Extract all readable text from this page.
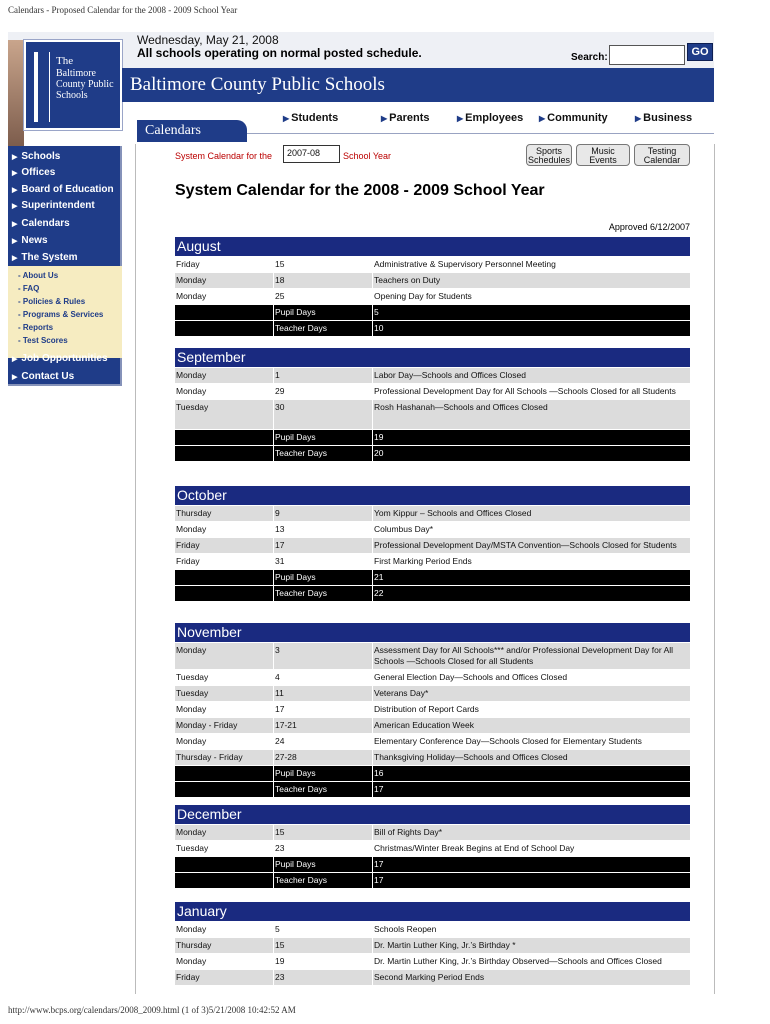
Calendars - Proposed Calendar for the 2008 - 2009 School Year
The
Baltimore County Public Schools
Wednesday, May 21, 2008
All schools operating on normal posted schedule.	Search:	GO
Baltimore County Public Schools
▶ Students	▶ Parents	▶ Employees ▶ Community	▶ Business
Calendars
▶ Schools
▶ Offices
▶ Board of Education
▶ Superintendent
▶ Calendars
▶ News
▶ The System
- About Us
- FAQ
- Policies & Rules
- Programs & Services
- Reports
- Test Scores
▶ Job Opportunities
▶ Contact Us
Sports
Schedules
Music
Events
Testing
Calendar
System Calendar for the	2007-08	School Year
System Calendar for the 2008 - 2009 School Year
Approved 6/12/2007
August
Friday	15	Administrative & Supervisory Personnel Meeting
Monday	18	Teachers on Duty
Monday	25	Opening Day for Students
Pupil Days	5
Teacher Days	10
September
Monday	1	Labor Day—Schools and Offices Closed
Monday	29	Professional Development Day for All Schools —Schools Closed for all Students
Tuesday	30	Rosh Hashanah—Schools and Offices Closed
Pupil Days	19
Teacher Days	20
October
Thursday	9	Yom Kippur – Schools and Offices Closed
Monday	13	Columbus Day*
Friday	17	Professional Development Day/MSTA Convention—Schools Closed for Students
Friday	31	First Marking Period Ends
Pupil Days	21
Teacher Days	22
November
Monday	3	Assessment Day for All Schools*** and/or Professional Development Day for All Schools —Schools Closed for all Students
Tuesday	4	General Election Day—Schools and Offices Closed
Tuesday	11	Veterans Day*
Monday	17	Distribution of Report Cards
Monday - Friday	17-21	American Education Week
Monday	24	Elementary Conference Day—Schools Closed for Elementary Students
Thursday - Friday	27-28	Thanksgiving Holiday—Schools and Offices Closed
Pupil Days	16
Teacher Days	17
December
Monday	15	Bill of Rights Day*
Tuesday	23	Christmas/Winter Break Begins at End of School Day
Pupil Days	17
Teacher Days	17
January
Monday	5	Schools Reopen
Thursday	15	Dr. Martin Luther King, Jr.’s Birthday *
Monday	19	Dr. Martin Luther King, Jr.’s Birthday Observed—Schools and Offices Closed
Friday	23	Second Marking Period Ends
http://www.bcps.org/calendars/2008_2009.html (1 of 3)5/21/2008 10:42:52 AM
